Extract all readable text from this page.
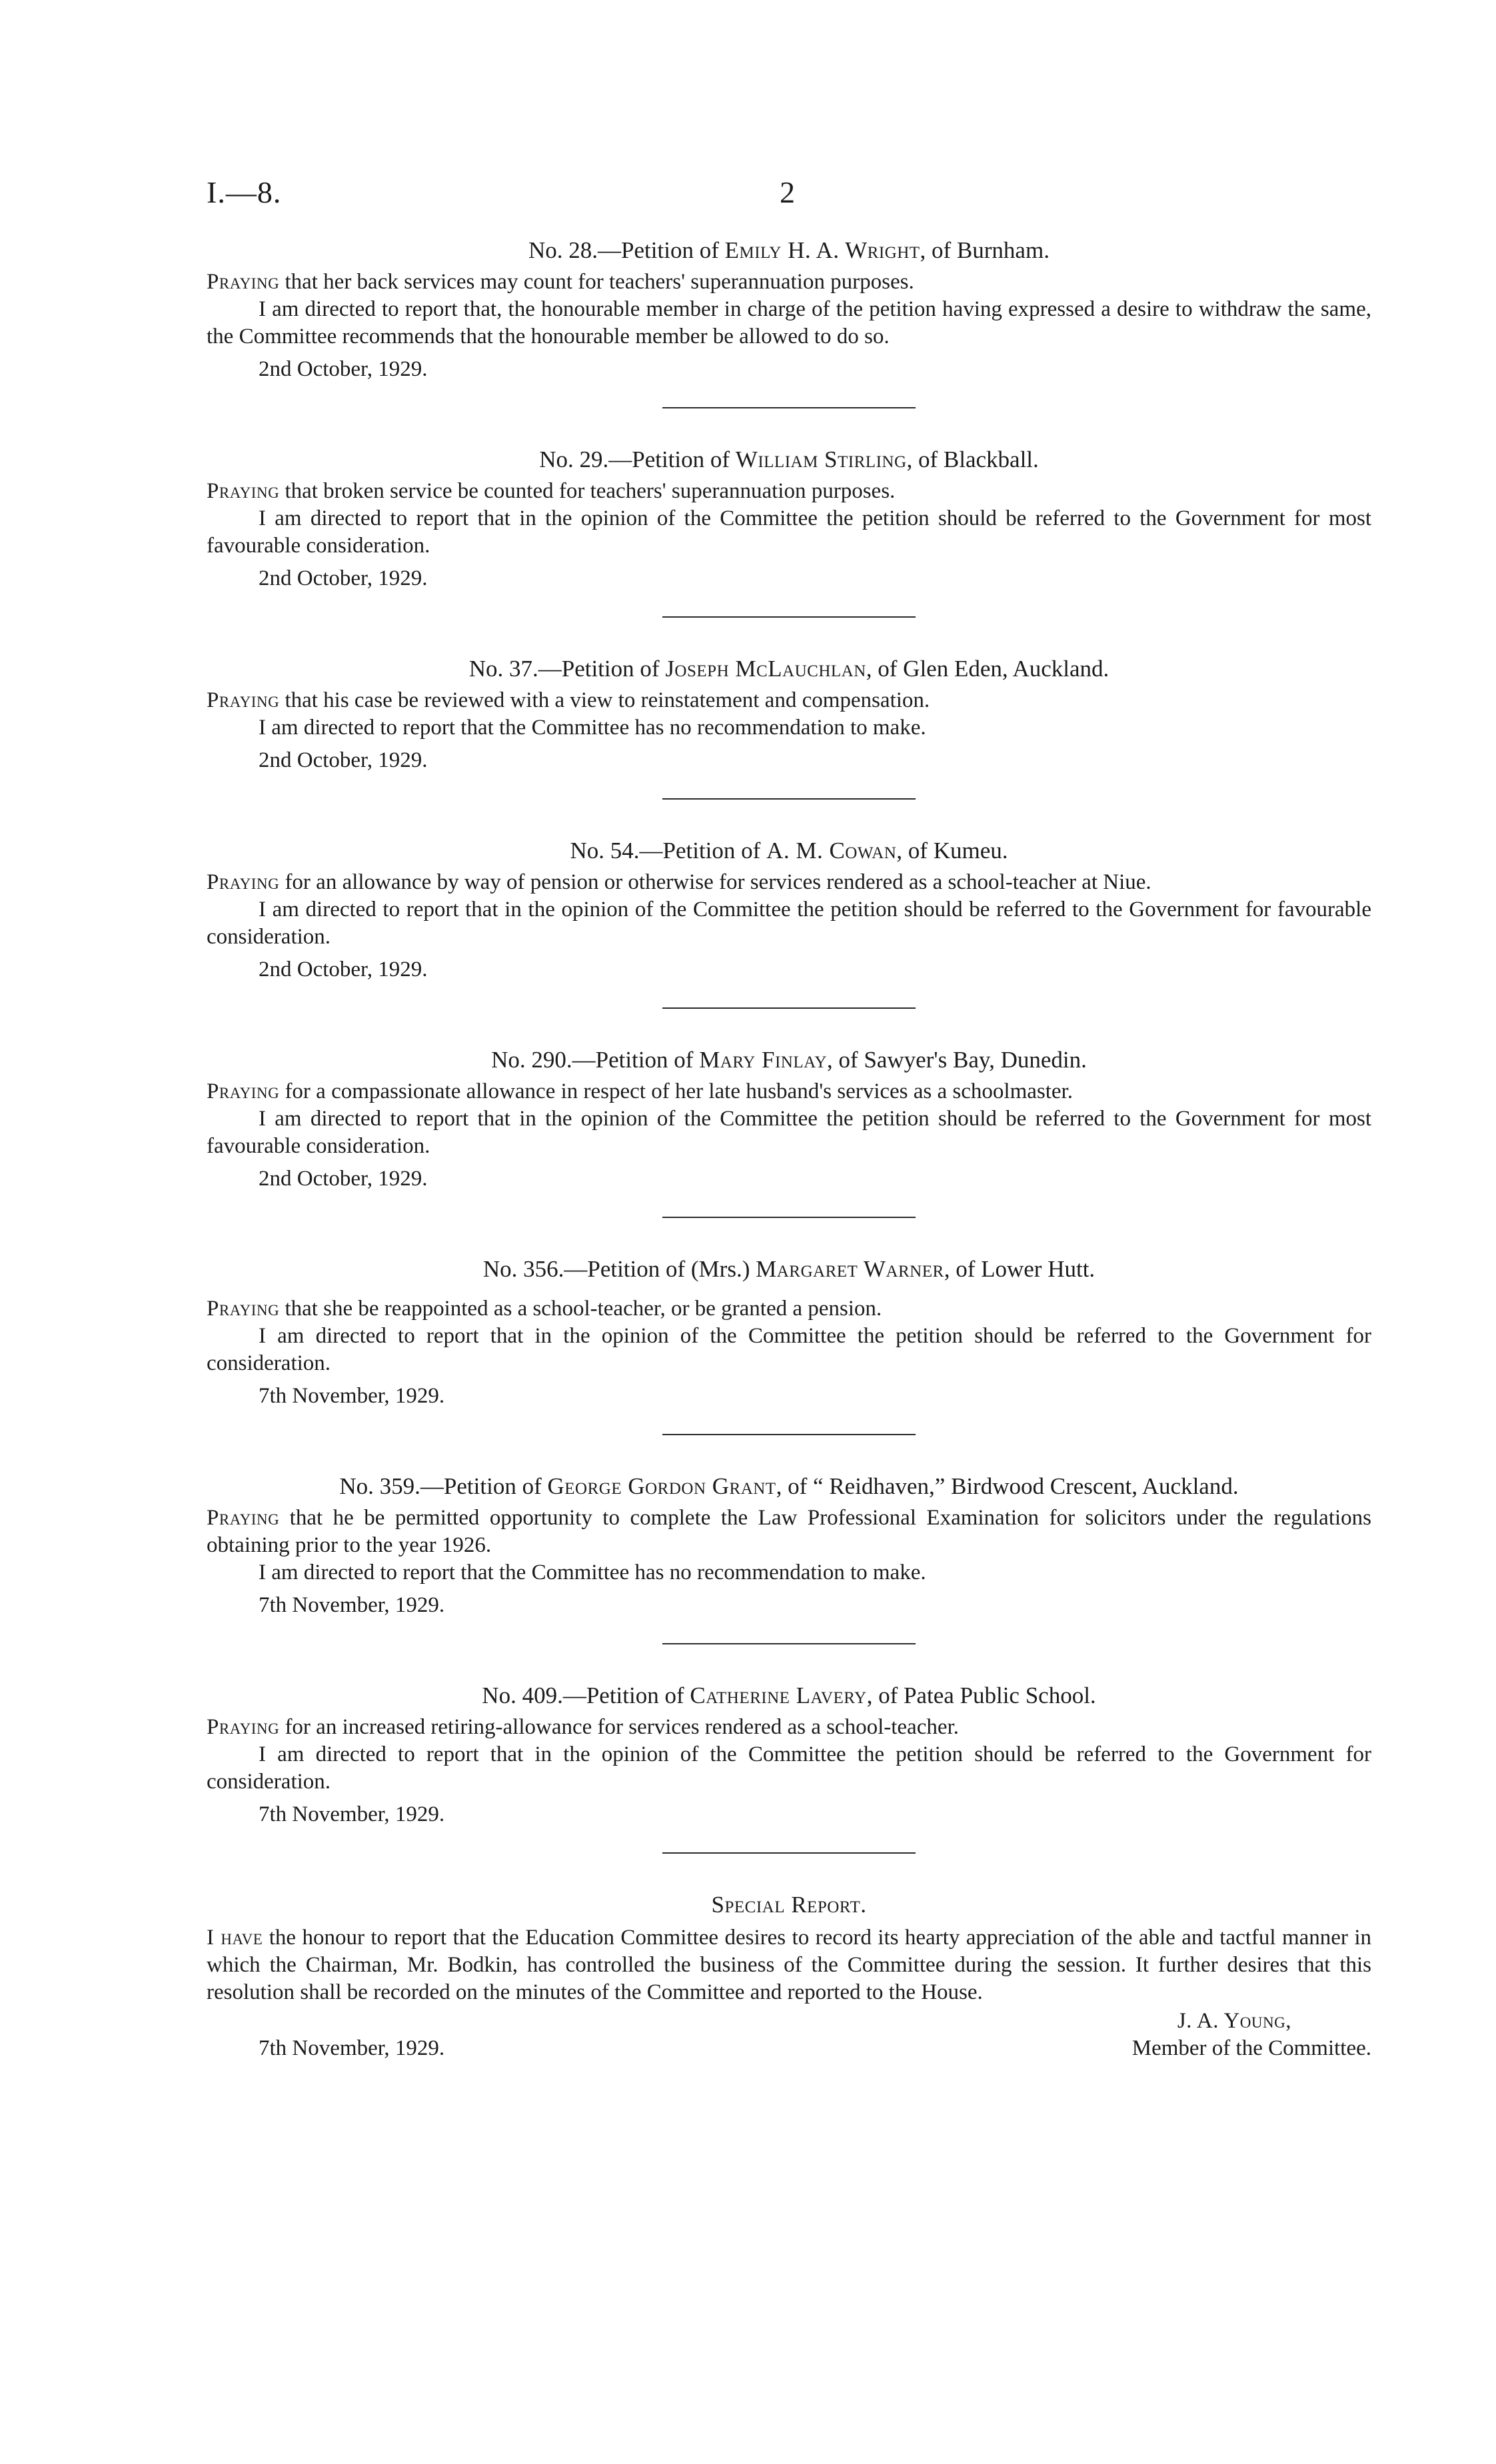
I.—8.	2
No. 28.—Petition of Emily H. A. Wright, of Burnham.

Praying that her back services may count for teachers' superannuation purposes.

I am directed to report that, the honourable member in charge of the petition having expressed a desire to withdraw the same, the Committee recommends that the honourable member be allowed to do so.

2nd October, 1929.
No. 29.—Petition of William Stirling, of Blackball.

Praying that broken service be counted for teachers' superannuation purposes.

I am directed to report that in the opinion of the Committee the petition should be referred to the Government for most favourable consideration.

2nd October, 1929.
No. 37.—Petition of Joseph McLauchlan, of Glen Eden, Auckland.

Praying that his case be reviewed with a view to reinstatement and compensation.

I am directed to report that the Committee has no recommendation to make.

2nd October, 1929.
No. 54.—Petition of A. M. Cowan, of Kumeu.

Praying for an allowance by way of pension or otherwise for services rendered as a school-teacher at Niue.

I am directed to report that in the opinion of the Committee the petition should be referred to the Government for favourable consideration.

2nd October, 1929.
No. 290.—Petition of Mary Finlay, of Sawyer's Bay, Dunedin.

Praying for a compassionate allowance in respect of her late husband's services as a schoolmaster.

I am directed to report that in the opinion of the Committee the petition should be referred to the Government for most favourable consideration.

2nd October, 1929.
No. 356.—Petition of (Mrs.) Margaret Warner, of Lower Hutt.

Praying that she be reappointed as a school-teacher, or be granted a pension.

I am directed to report that in the opinion of the Committee the petition should be referred to the Government for consideration.

7th November, 1929.
No. 359.—Petition of George Gordon Grant, of “ Reidhaven,” Birdwood Crescent, Auckland.

Praying that he be permitted opportunity to complete the Law Professional Examination for solicitors under the regulations obtaining prior to the year 1926.

I am directed to report that the Committee has no recommendation to make.

7th November, 1929.
No. 409.—Petition of Catherine Lavery, of Patea Public School.

Praying for an increased retiring-allowance for services rendered as a school-teacher.

I am directed to report that in the opinion of the Committee the petition should be referred to the Government for consideration.

7th November, 1929.
Special Report.

I have the honour to report that the Education Committee desires to record its hearty appreciation of the able and tactful manner in which the Chairman, Mr. Bodkin, has controlled the business of the Committee during the session. It further desires that this resolution shall be recorded on the minutes of the Committee and reported to the House.

J. A. Young,
7th November, 1929.	Member of the Committee.
